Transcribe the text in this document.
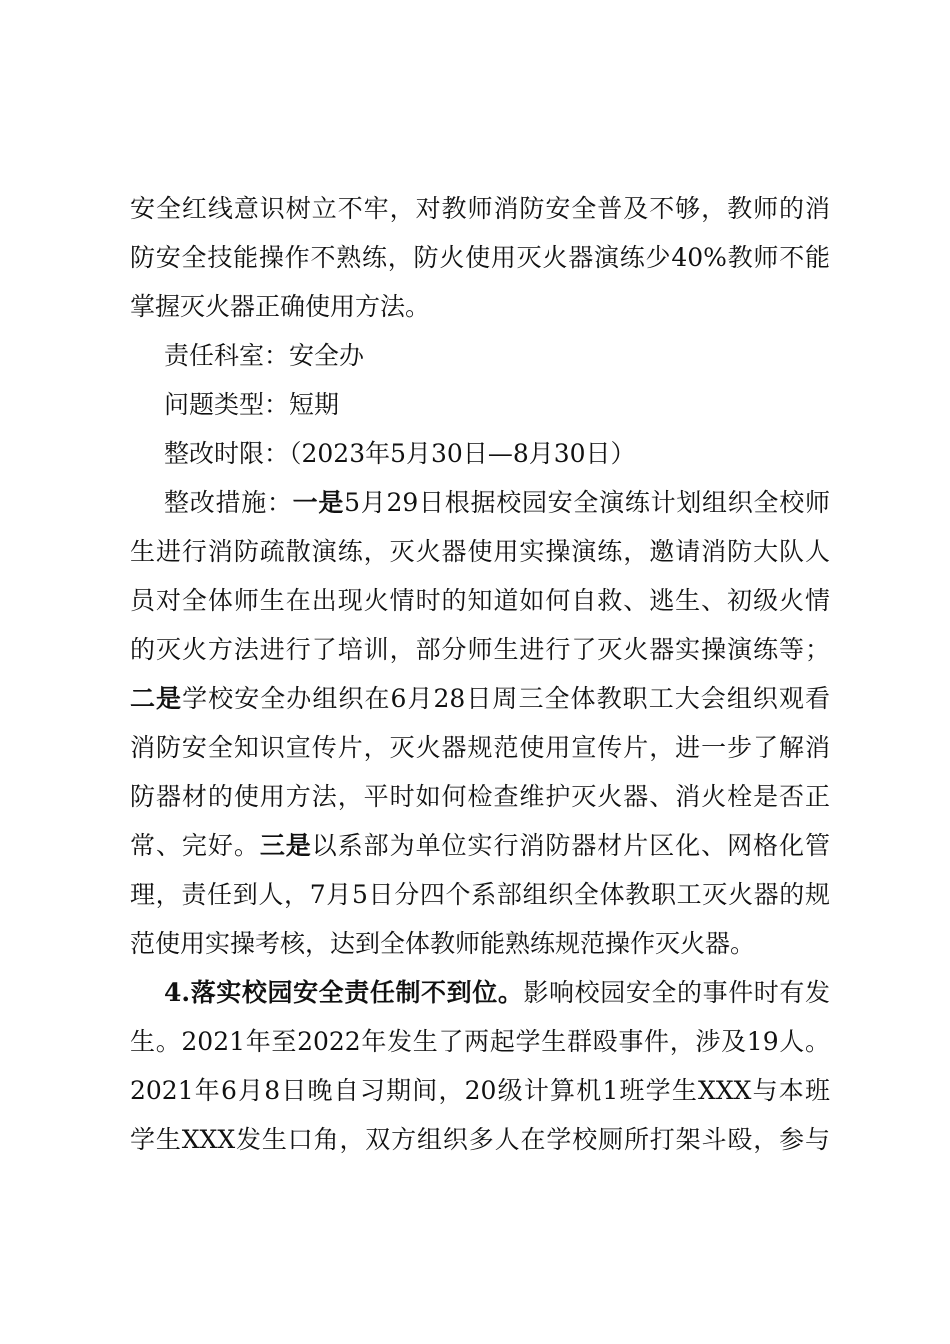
安全红线意识树立不牢，对教师消防安全普及不够，教师的消
防安全技能操作不熟练，防火使用灭火器演练少40%教师不能
掌握灭火器正确使用方法。
责任科室：安全办
问题类型：短期
整改时限：（2023年5月30日—8月30日）
整改措施：一是5月29日根据校园安全演练计划组织全校师
生进行消防疏散演练，灭火器使用实操演练，邀请消防大队人
员对全体师生在出现火情时的知道如何自救、逃生、初级火情
的灭火方法进行了培训，部分师生进行了灭火器实操演练等；
二是学校安全办组织在6月28日周三全体教职工大会组织观看
消防安全知识宣传片，灭火器规范使用宣传片，进一步了解消
防器材的使用方法，平时如何检查维护灭火器、消火栓是否正
常、完好。三是以系部为单位实行消防器材片区化、网格化管
理，责任到人，7月5日分四个系部组织全体教职工灭火器的规
范使用实操考核，达到全体教师能熟练规范操作灭火器。
4.落实校园安全责任制不到位。影响校园安全的事件时有发
生。2021年至2022年发生了两起学生群殴事件，涉及19人。
2021年6月8日晚自习期间，20级计算机1班学生XXX与本班
学生XXX发生口角，双方组织多人在学校厕所打架斗殴，参与
